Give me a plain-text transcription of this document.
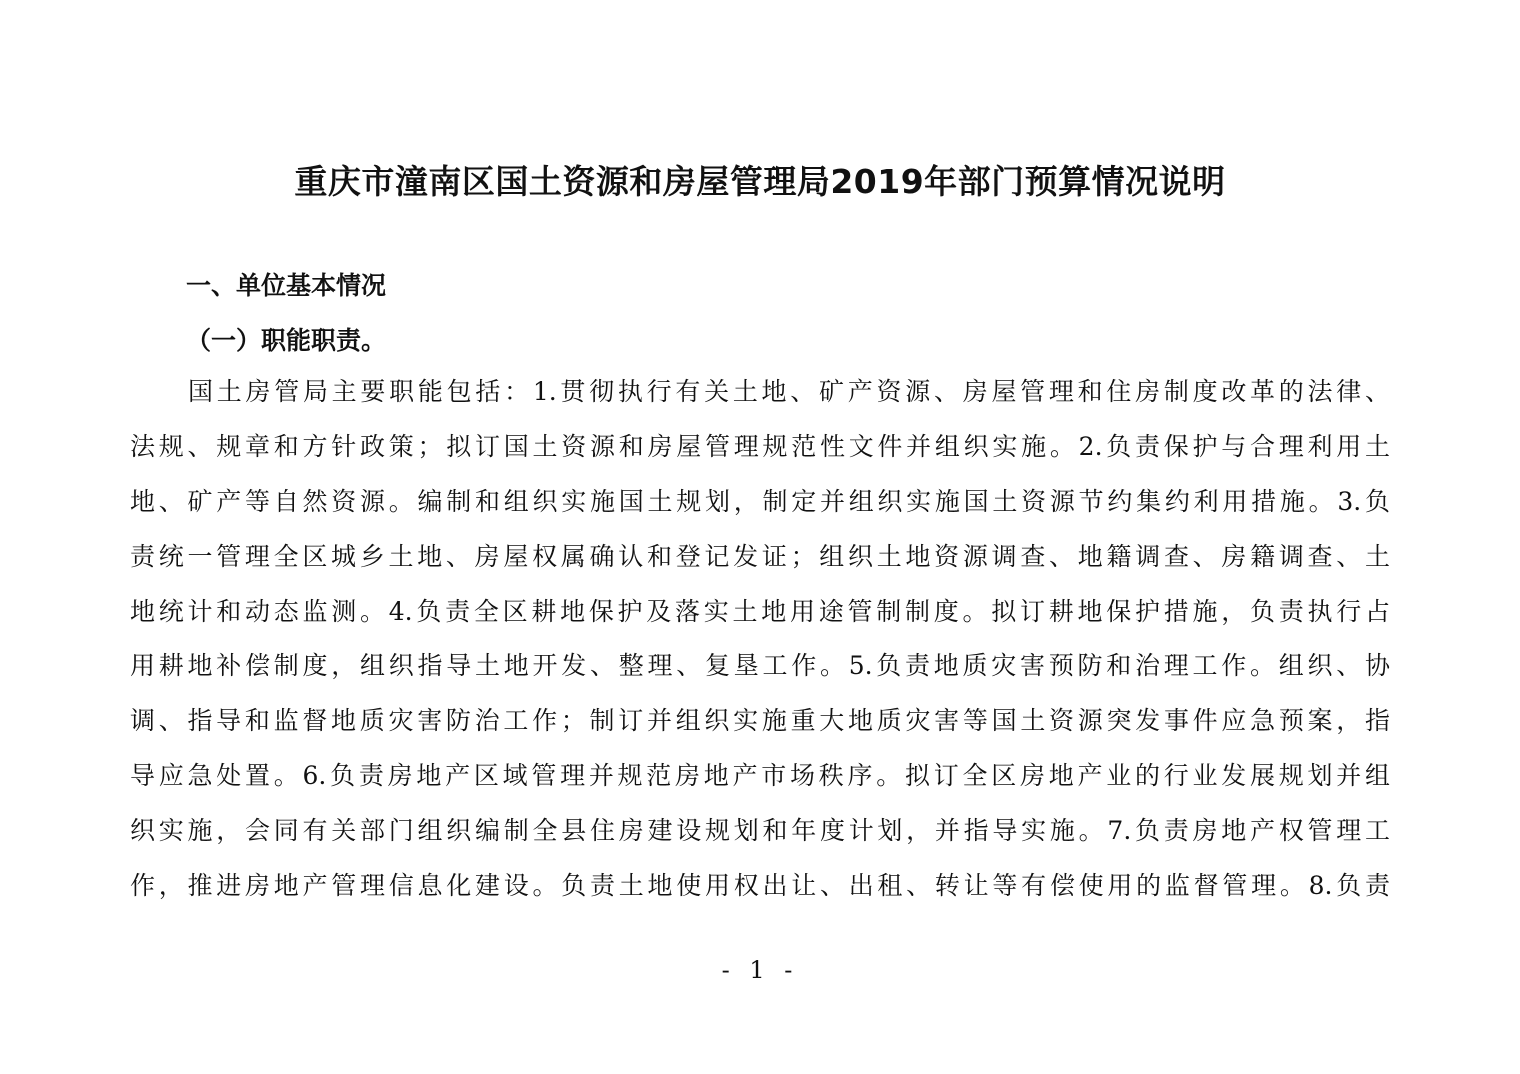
重庆市潼南区国土资源和房屋管理局2019年部门预算情况说明
一、单位基本情况
（一）职能职责。
国土房管局主要职能包括：1.贯彻执行有关土地、矿产资源、房屋管理和住房制度改革的法律、
法规、规章和方针政策；拟订国土资源和房屋管理规范性文件并组织实施。2.负责保护与合理利用土
地、矿产等自然资源。编制和组织实施国土规划，制定并组织实施国土资源节约集约利用措施。3.负
责统一管理全区城乡土地、房屋权属确认和登记发证；组织土地资源调查、地籍调查、房籍调查、土
地统计和动态监测。4.负责全区耕地保护及落实土地用途管制制度。拟订耕地保护措施，负责执行占
用耕地补偿制度，组织指导土地开发、整理、复垦工作。5.负责地质灾害预防和治理工作。组织、协
调、指导和监督地质灾害防治工作；制订并组织实施重大地质灾害等国土资源突发事件应急预案，指
导应急处置。6.负责房地产区域管理并规范房地产市场秩序。拟订全区房地产业的行业发展规划并组
织实施，会同有关部门组织编制全县住房建设规划和年度计划，并指导实施。7.负责房地产权管理工
作，推进房地产管理信息化建设。负责土地使用权出让、出租、转让等有偿使用的监督管理。8.负责
- 1 -
